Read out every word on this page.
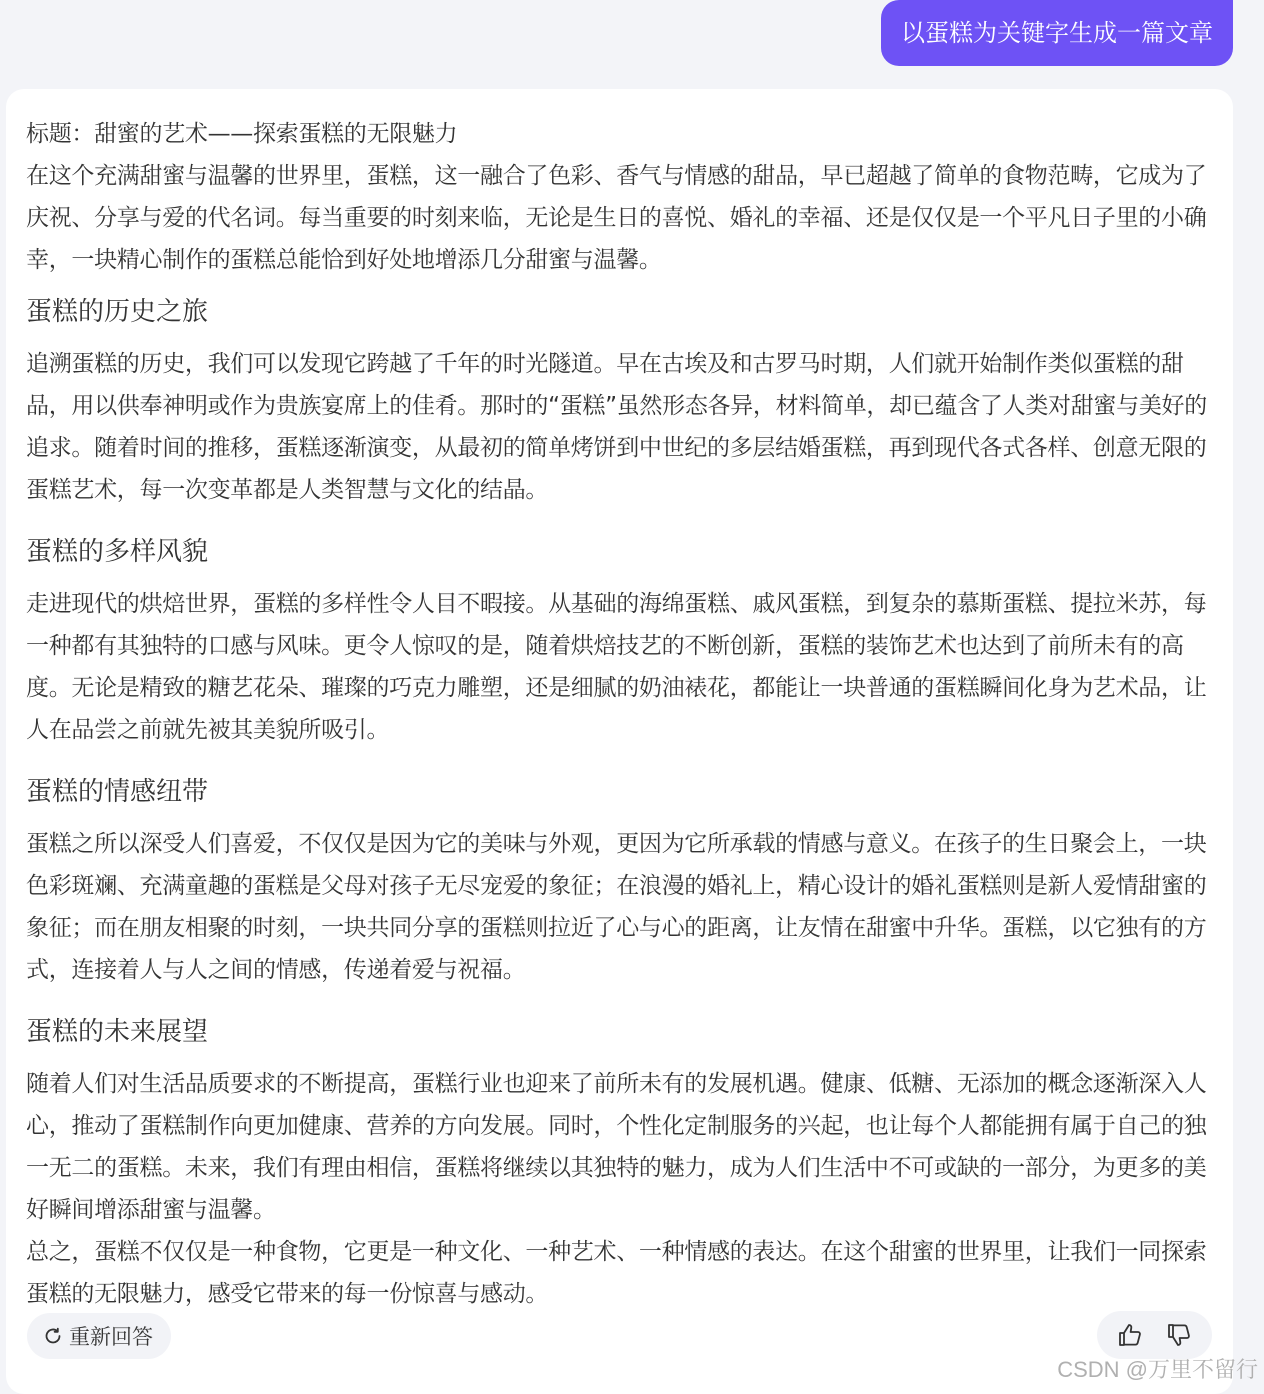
以蛋糕为关键字生成一篇文章

标题：甜蜜的艺术——探索蛋糕的无限魅力

在这个充满甜蜜与温馨的世界里，蛋糕，这一融合了色彩、香气与情感的甜品，早已超越了简单的食物范畴，它成为了庆祝、分享与爱的代名词。每当重要的时刻来临，无论是生日的喜悦、婚礼的幸福、还是仅仅是一个平凡日子里的小确幸，一块精心制作的蛋糕总能恰到好处地增添几分甜蜜与温馨。

蛋糕的历史之旅

追溯蛋糕的历史，我们可以发现它跨越了千年的时光隧道。早在古埃及和古罗马时期，人们就开始制作类似蛋糕的甜品，用以供奉神明或作为贵族宴席上的佳肴。那时的“蛋糕”虽然形态各异，材料简单，却已蕴含了人类对甜蜜与美好的追求。随着时间的推移，蛋糕逐渐演变，从最初的简单烤饼到中世纪的多层结婚蛋糕，再到现代各式各样、创意无限的蛋糕艺术，每一次变革都是人类智慧与文化的结晶。

蛋糕的多样风貌

走进现代的烘焙世界，蛋糕的多样性令人目不暇接。从基础的海绵蛋糕、戚风蛋糕，到复杂的慕斯蛋糕、提拉米苏，每一种都有其独特的口感与风味。更令人惊叹的是，随着烘焙技艺的不断创新，蛋糕的装饰艺术也达到了前所未有的高度。无论是精致的糖艺花朵、璀璨的巧克力雕塑，还是细腻的奶油裱花，都能让一块普通的蛋糕瞬间化身为艺术品，让人在品尝之前就先被其美貌所吸引。

蛋糕的情感纽带

蛋糕之所以深受人们喜爱，不仅仅是因为它的美味与外观，更因为它所承载的情感与意义。在孩子的生日聚会上，一块色彩斑斓、充满童趣的蛋糕是父母对孩子无尽宠爱的象征；在浪漫的婚礼上，精心设计的婚礼蛋糕则是新人爱情甜蜜的象征；而在朋友相聚的时刻，一块共同分享的蛋糕则拉近了心与心的距离，让友情在甜蜜中升华。蛋糕，以它独有的方式，连接着人与人之间的情感，传递着爱与祝福。

蛋糕的未来展望

随着人们对生活品质要求的不断提高，蛋糕行业也迎来了前所未有的发展机遇。健康、低糖、无添加的概念逐渐深入人心，推动了蛋糕制作向更加健康、营养的方向发展。同时，个性化定制服务的兴起，也让每个人都能拥有属于自己的独一无二的蛋糕。未来，我们有理由相信，蛋糕将继续以其独特的魅力，成为人们生活中不可或缺的一部分，为更多的美好瞬间增添甜蜜与温馨。

总之，蛋糕不仅仅是一种食物，它更是一种文化、一种艺术、一种情感的表达。在这个甜蜜的世界里，让我们一同探索蛋糕的无限魅力，感受它带来的每一份惊喜与感动。

重新回答
CSDN @万里不留行
